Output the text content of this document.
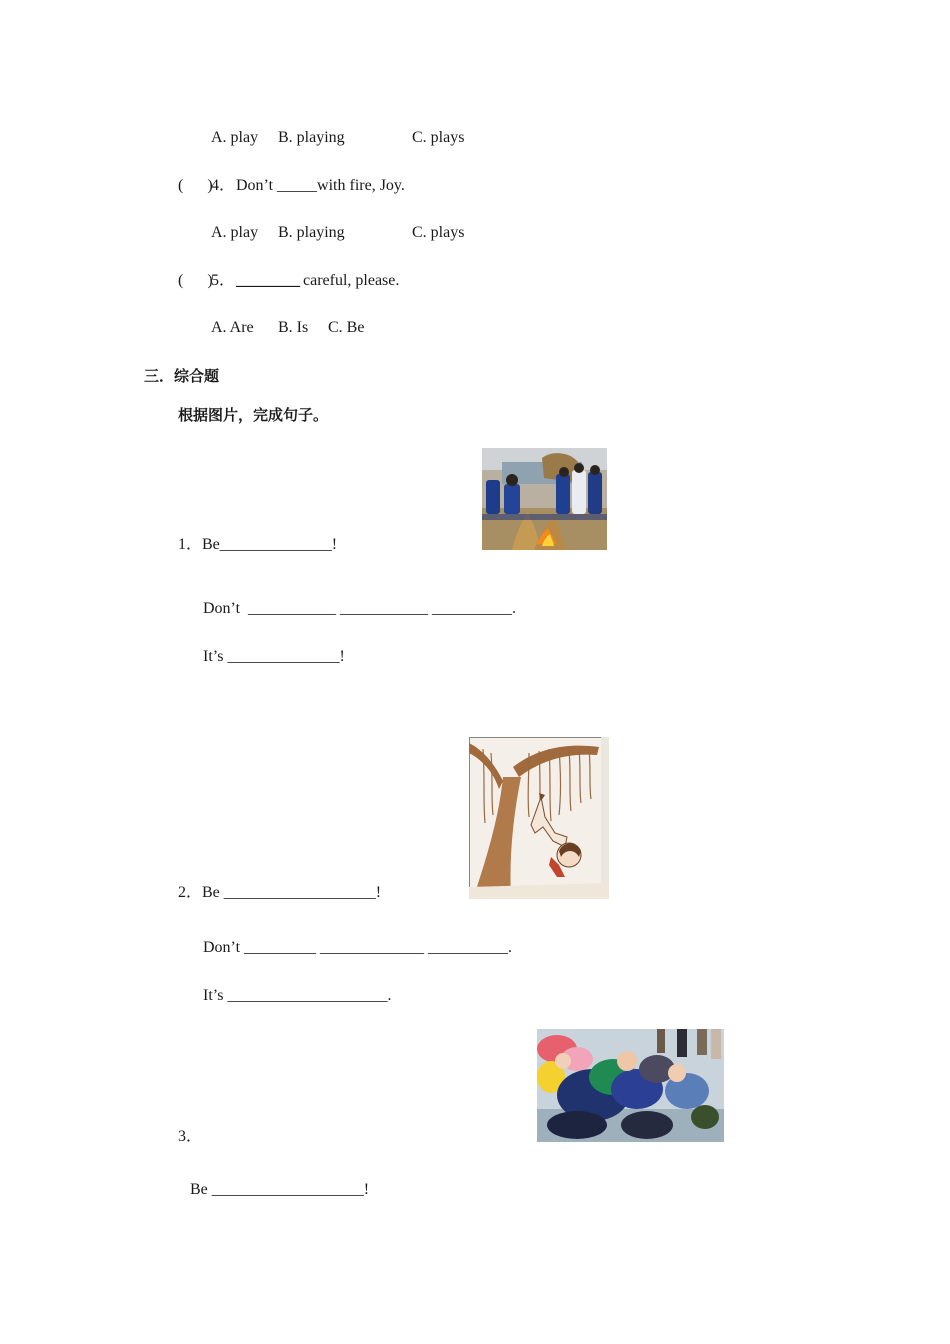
A. play B. playing	C. plays
(      )
4． Don’t _____with fire, Joy.
A. play B. playing	C. plays
(      )
5． ________ careful, please.
A. Are B. Is C. Be
三．综合题
根据图片，完成句子。
1．Be______________!
Don’t  ___________ ___________ __________.
It’s ______________!
2．Be ___________________!
Don’t _________ _____________ __________.
It’s ____________________.
3．
Be ___________________!
